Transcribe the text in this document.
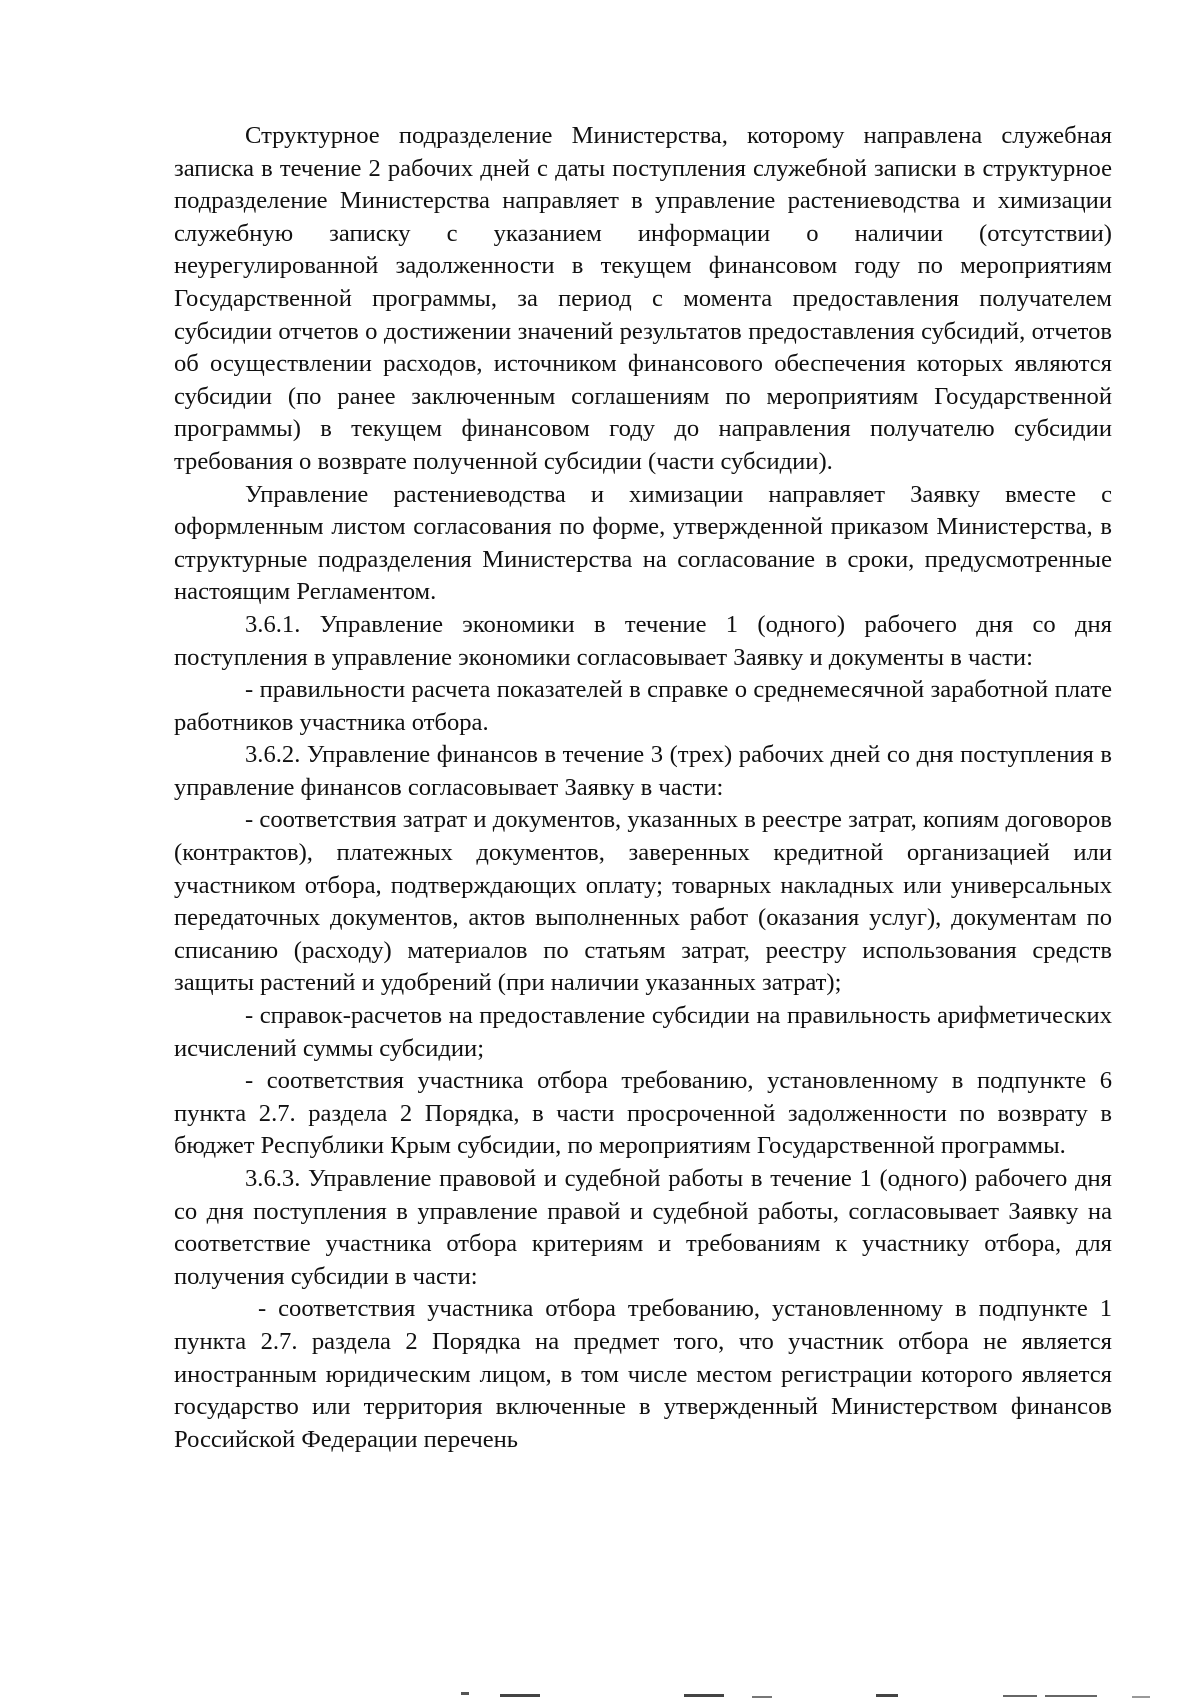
Структурное подразделение Министерства, которому направлена служебная записка в течение 2 рабочих дней с даты поступления служебной записки в структурное подразделение Министерства направляет в управление растениеводства и химизации служебную записку с указанием информации о наличии (отсутствии) неурегулированной задолженности в текущем финансовом году по мероприятиям Государственной программы, за период с момента предоставления получателем субсидии отчетов о достижении значений результатов предоставления субсидий, отчетов об осуществлении расходов, источником финансового обеспечения которых являются субсидии (по ранее заключенным соглашениям по мероприятиям Государственной программы) в текущем финансовом году до направления получателю субсидии требования о возврате полученной субсидии (части субсидии).

Управление растениеводства и химизации направляет Заявку вместе с оформленным листом согласования по форме, утвержденной приказом Министерства, в структурные подразделения Министерства на согласование в сроки, предусмотренные настоящим Регламентом.

3.6.1. Управление экономики в течение 1 (одного) рабочего дня со дня поступления в управление экономики согласовывает Заявку и документы в части:

- правильности расчета показателей в справке о среднемесячной заработной плате работников участника отбора.

3.6.2. Управление финансов в течение 3 (трех) рабочих дней со дня поступления в управление финансов согласовывает Заявку в части:

- соответствия затрат и документов, указанных в реестре затрат, копиям договоров (контрактов), платежных документов, заверенных кредитной организацией или участником отбора, подтверждающих оплату; товарных накладных или универсальных передаточных документов, актов выполненных работ (оказания услуг), документам по списанию (расходу) материалов по статьям затрат, реестру использования средств защиты растений и удобрений (при наличии указанных затрат);

- справок-расчетов на предоставление субсидии на правильность арифметических исчислений суммы субсидии;

- соответствия участника отбора требованию, установленному в подпункте 6 пункта 2.7. раздела 2 Порядка, в части просроченной задолженности по возврату в бюджет Республики Крым субсидии, по мероприятиям Государственной программы.

3.6.3. Управление правовой и судебной работы в течение 1 (одного) рабочего дня со дня поступления в управление правой и судебной работы, согласовывает Заявку на соответствие участника отбора критериям и требованиям к участнику отбора, для получения субсидии в части:

- соответствия участника отбора требованию, установленному в подпункте 1 пункта 2.7. раздела 2 Порядка на предмет того, что участник отбора не является иностранным юридическим лицом, в том числе местом регистрации которого является государство или территория включенные в утвержденный Министерством финансов Российской Федерации перечень
